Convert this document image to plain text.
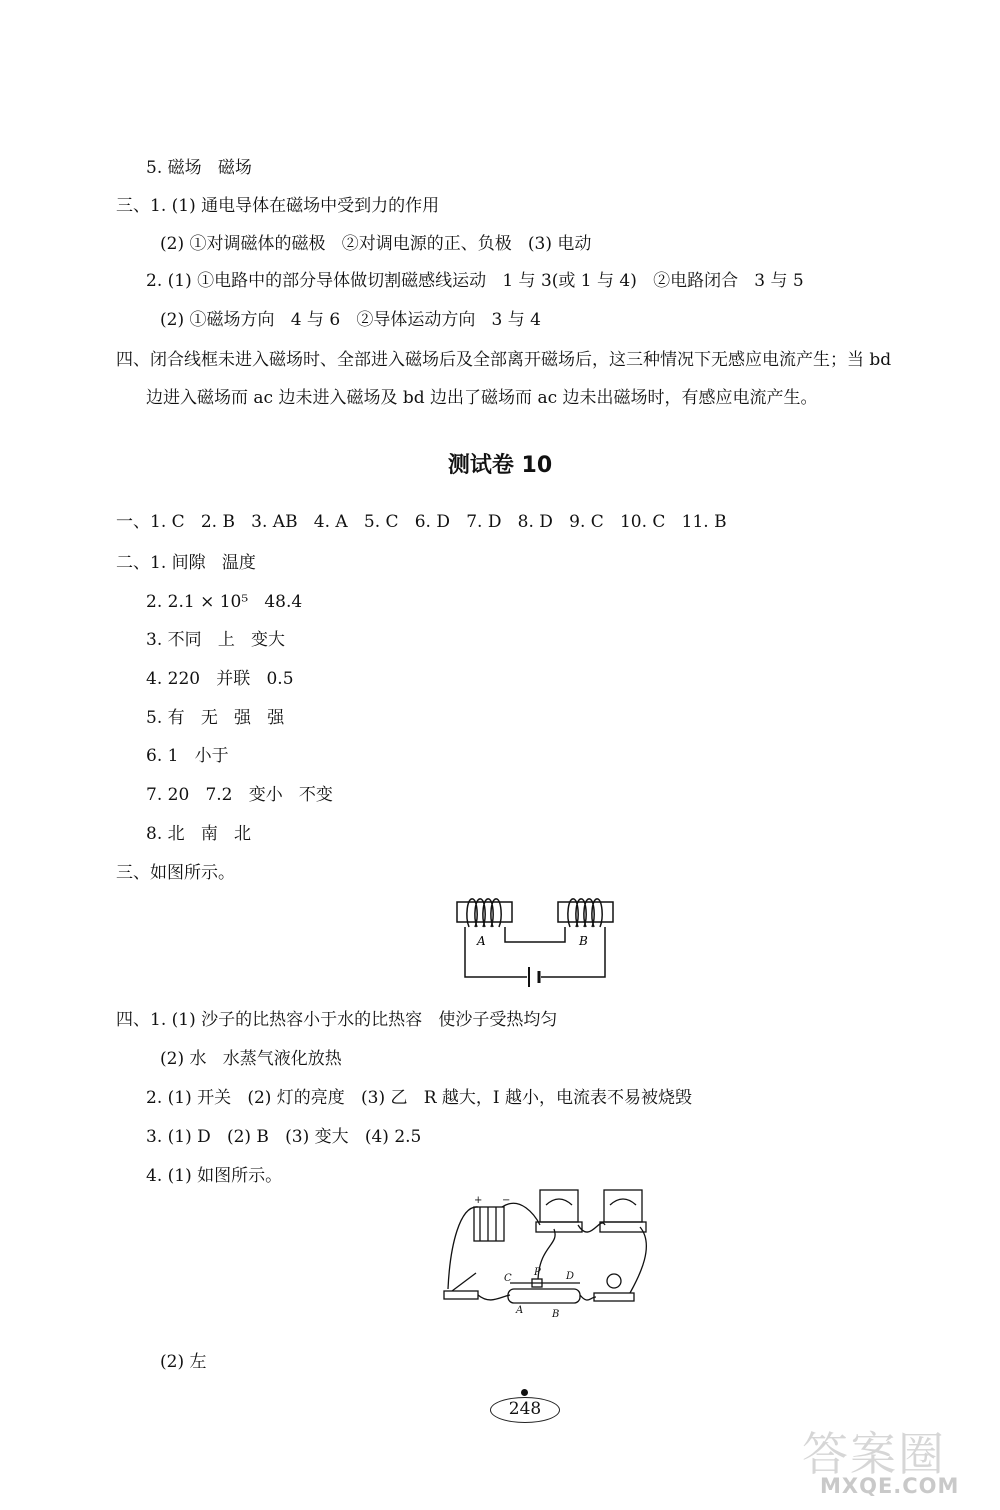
5. 磁场   磁场
三、1. (1) 通电导体在磁场中受到力的作用
(2) ①对调磁体的磁极   ②对调电源的正、负极   (3) 电动
2. (1) ①电路中的部分导体做切割磁感线运动   1 与 3(或 1 与 4)   ②电路闭合   3 与 5
(2) ①磁场方向   4 与 6   ②导体运动方向   3 与 4
四、闭合线框未进入磁场时、全部进入磁场后及全部离开磁场后，这三种情况下无感应电流产生；当 bd
边进入磁场而 ac 边未进入磁场及 bd 边出了磁场而 ac 边未出磁场时，有感应电流产生。
测试卷 10
一、1. C   2. B   3. AB   4. A   5. C   6. D   7. D   8. D   9. C   10. C   11. B
二、1. 间隙   温度
2. 2.1 × 10⁵   48.4
3. 不同   上   变大
4. 220   并联   0.5
5. 有   无   强   强
6. 1   小于
7. 20   7.2   变小   不变
8. 北   南   北
三、如图所示。
A	B
四、1. (1) 沙子的比热容小于水的比热容   使沙子受热均匀
(2) 水   水蒸气液化放热
2. (1) 开关   (2) 灯的亮度   (3) 乙   R 越大，I 越小，电流表不易被烧毁
3. (1) D   (2) B   (3) 变大   (4) 2.5
4. (1) 如图所示。
+ −
C
P	D
A	B
(2) 左
248
答案圈
MXQE.COM
